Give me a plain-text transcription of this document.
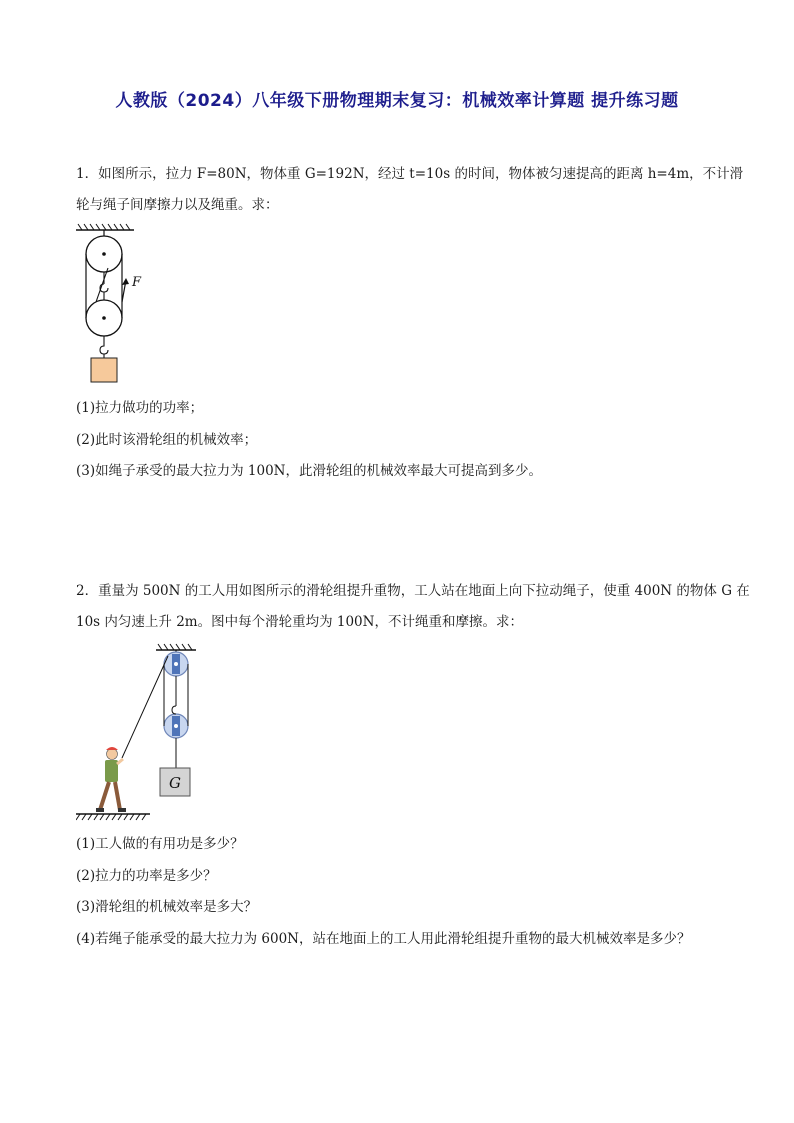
人教版（2024）八年级下册物理期末复习：机械效率计算题 提升练习题
1．如图所示，拉力 F=80N，物体重 G=192N，经过 t=10s 的时间，物体被匀速提高的距离 h=4m，不计滑
轮与绳子间摩擦力以及绳重。求：
F
(1)拉力做功的功率；
(2)此时该滑轮组的机械效率；
(3)如绳子承受的最大拉力为 100N，此滑轮组的机械效率最大可提高到多少。
2．重量为 500N 的工人用如图所示的滑轮组提升重物，工人站在地面上向下拉动绳子，使重 400N 的物体 G 在
10s 内匀速上升 2m。图中每个滑轮重均为 100N，不计绳重和摩擦。求：
G
(1)工人做的有用功是多少？
(2)拉力的功率是多少？
(3)滑轮组的机械效率是多大？
(4)若绳子能承受的最大拉力为 600N，站在地面上的工人用此滑轮组提升重物的最大机械效率是多少？
